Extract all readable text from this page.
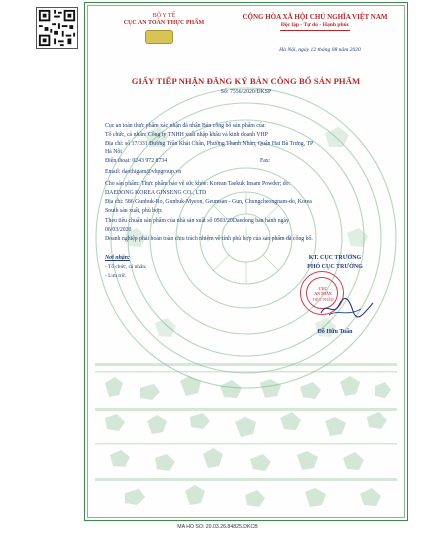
BỘ Y TẾ
CỤC AN TOÀN THỰC PHẨM
CỘNG HÒA XÃ HỘI CHỦ NGHĨA VIỆT NAM
Độc lập - Tự do - Hạnh phúc
Hà Nội, ngày 12 tháng 08 năm 2020
GIẤY TIẾP NHẬN ĐĂNG KÝ BẢN CÔNG BỐ SẢN PHẨM
Số: 7556/2020/ĐKSP
Cục an toàn thực phẩm xác nhận đã nhận Bản công bố sản phẩm của:
Tổ chức, cá nhân: Công ty TNHH xuất nhập khẩu và kinh doanh VHP
Địa chỉ: số 17/331 Đường Trần Khát Chân, Phường Thanh Nhàn, Quận Hai Bà Trưng, TP
Hà Nội
Điện thoại: 0243 972 8734	Fax:
Email: daothigam@vhpgroup.vn
Cho sản phẩm: Thực phẩm bảo vệ sức khỏe: Korean Taekuk Insam Powder; do:
DAEDONG KOREA GINSENG CO., LTD
Địa chỉ: 586 Gunbuk-Ro, Gunbuk-Myeon, Geumsan - Gun, Chungcheongnam-do, Korea
South sản xuất, phù hợp:
Theo tiêu chuẩn sản phẩm của nhà sản xuất số 0503/20Daedong ban hành ngày
06/03/2020
Doanh nghiệp phải hoàn toàn chịu trách nhiệm về tính phù hợp của sản phẩm đã công bố.
Nơi nhận:
- Tổ chức, cá nhân;
- Lưu trữ.
KT. CỤC TRƯỞNG
PHÓ CỤC TRƯỞNG
CỤC
AN TOÀN
THỰC PHẨM
Đỗ Hữu Tuấn
MA HO SO: 20.03.26.84825.DKCB
